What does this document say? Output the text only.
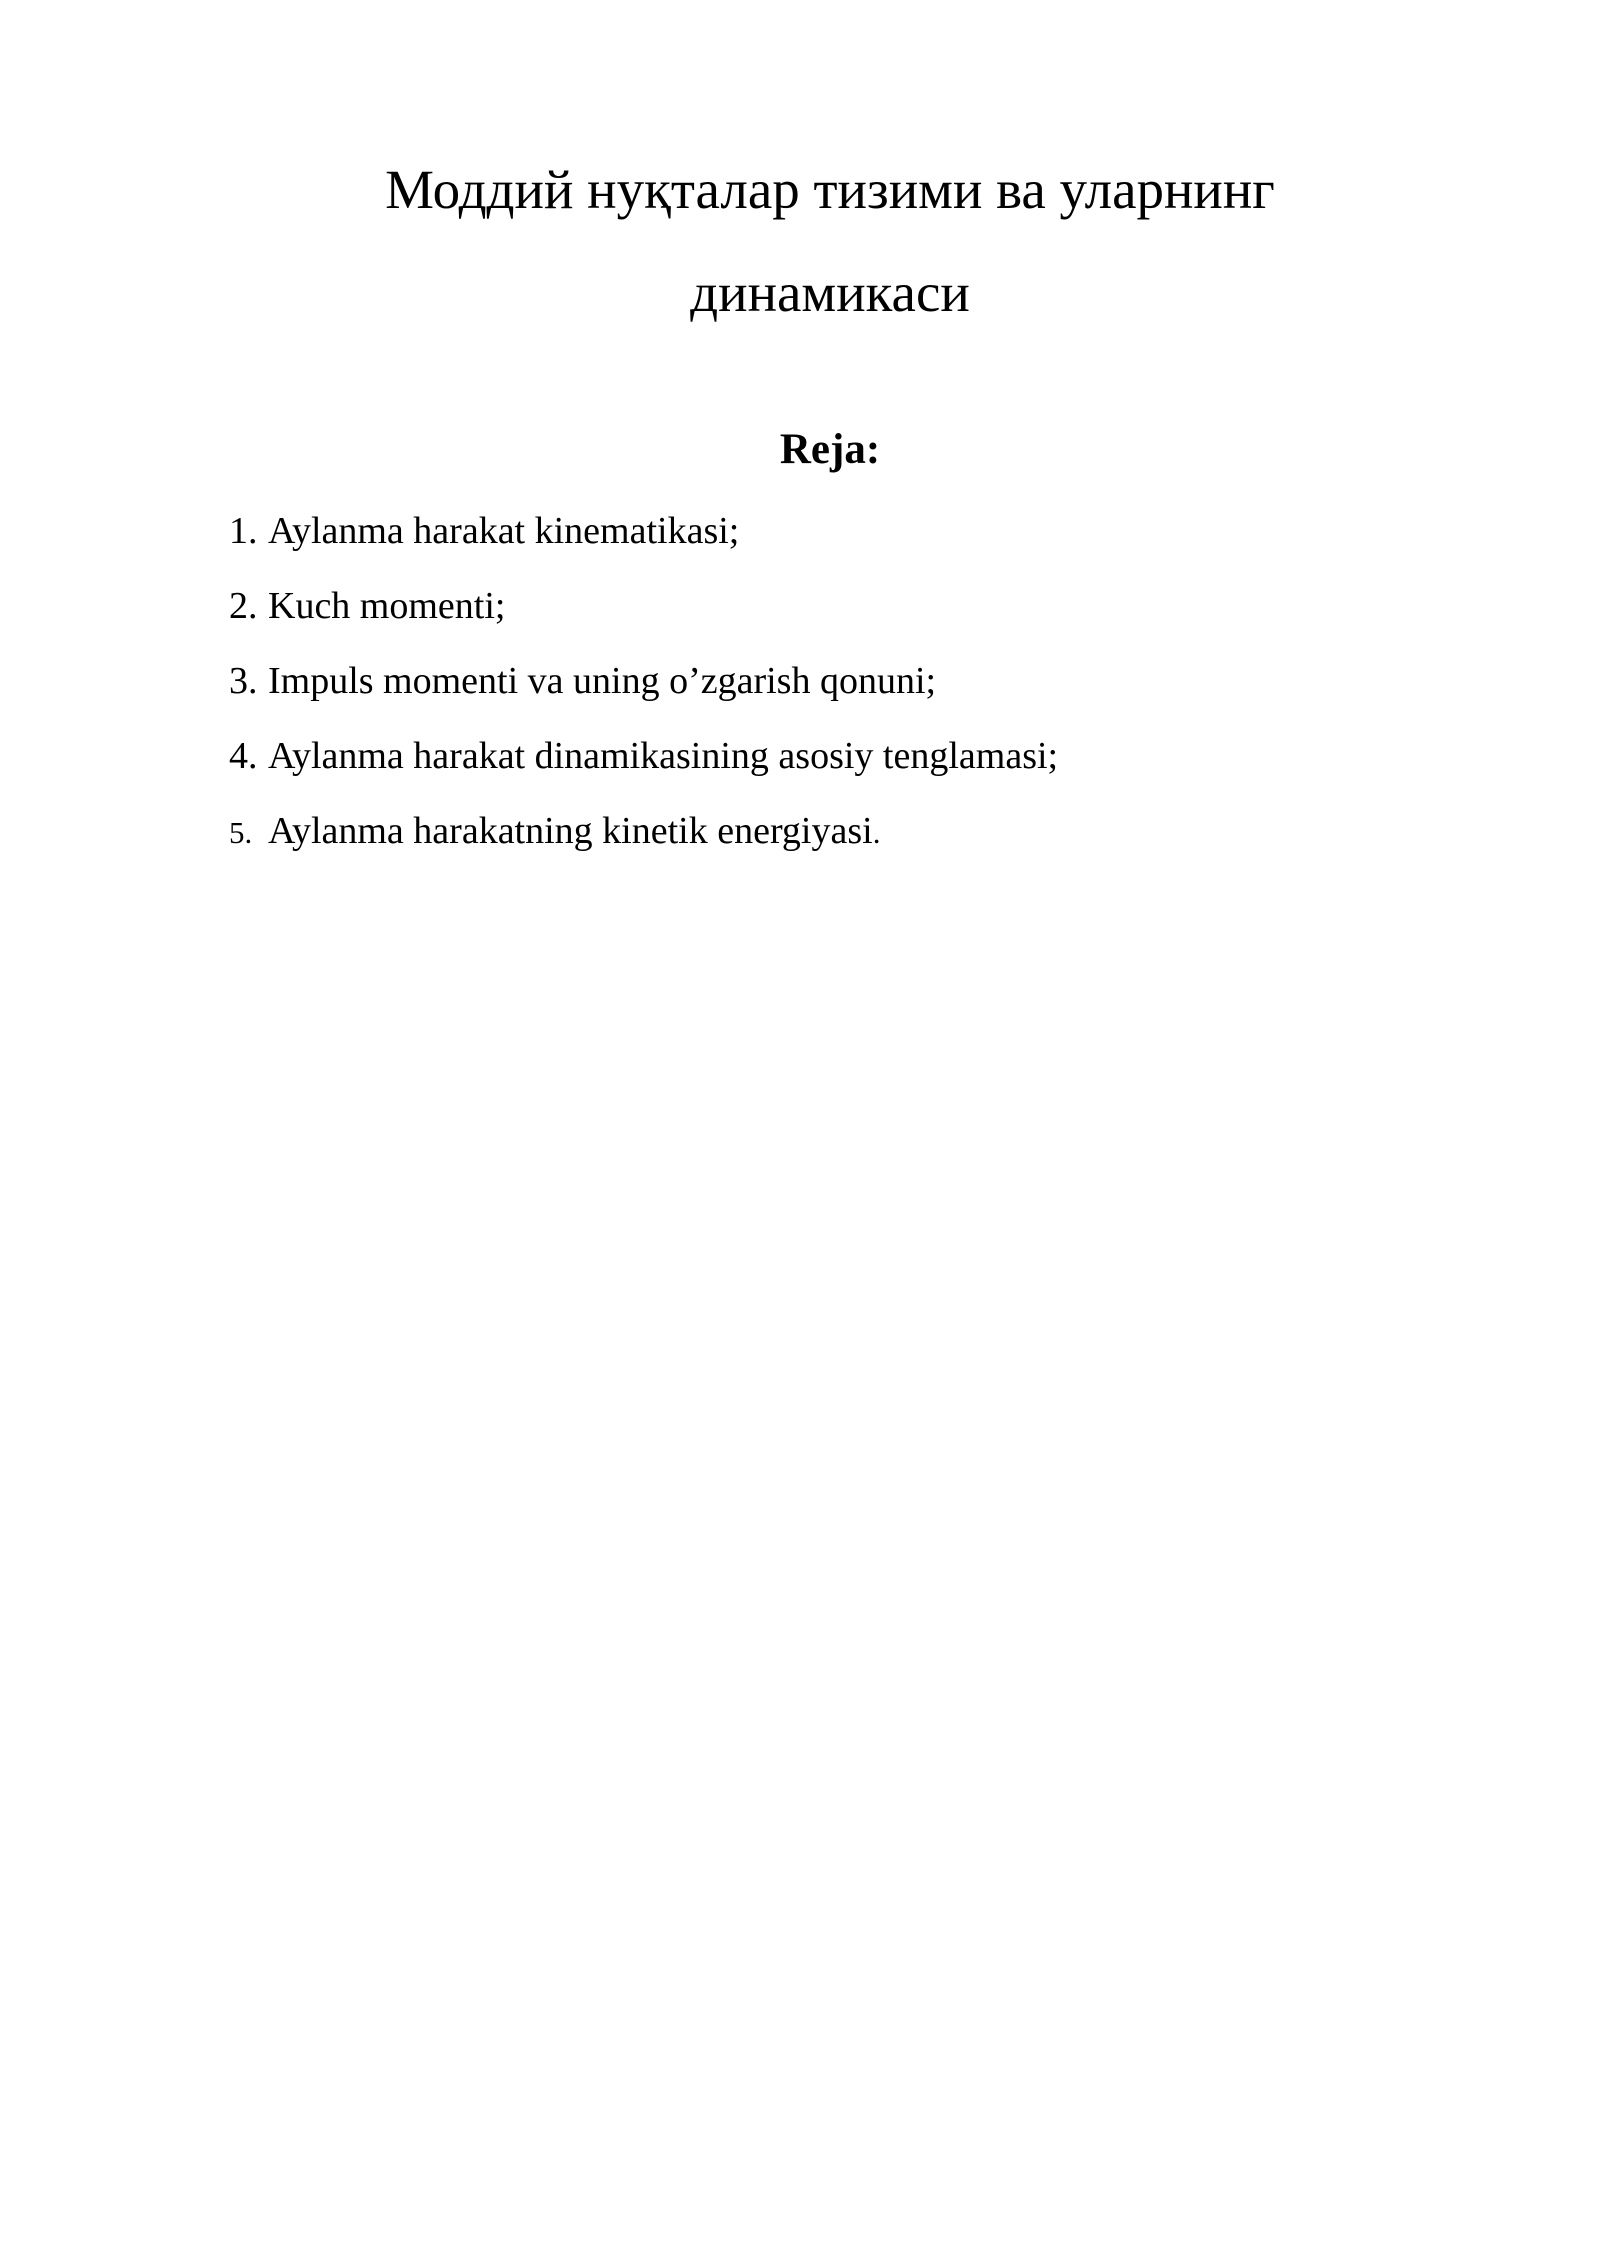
Моддий нуқталар тизими ва уларнинг
динамикаси
Reja:
1. Aylanma harakat kinematikasi;
2. Kuch momenti;
3. Impuls momenti va uning o’zgarish qonuni;
4. Aylanma harakat dinamikasining asosiy tenglamasi;
5. Aylanma harakatning kinetik energiyasi.
